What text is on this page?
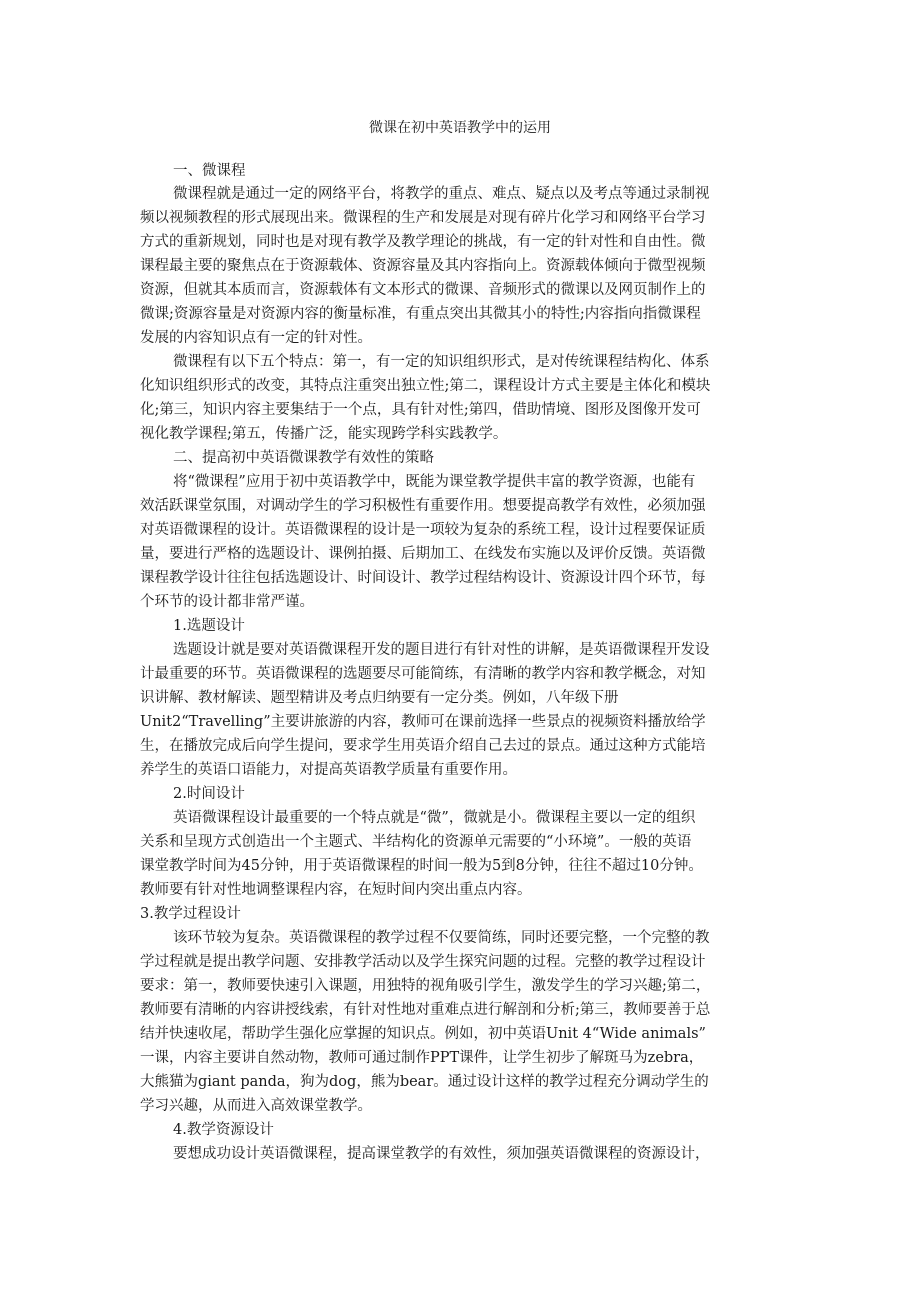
微课在初中英语教学中的运用
一、微课程
微课程就是通过一定的网络平台，将教学的重点、难点、疑点以及考点等通过录制视
频以视频教程的形式展现出来。微课程的生产和发展是对现有碎片化学习和网络平台学习
方式的重新规划，同时也是对现有教学及教学理论的挑战，有一定的针对性和自由性。微
课程最主要的聚焦点在于资源载体、资源容量及其内容指向上。资源载体倾向于微型视频
资源，但就其本质而言，资源载体有文本形式的微课、音频形式的微课以及网页制作上的
微课;资源容量是对资源内容的衡量标准，有重点突出其微其小的特性;内容指向指微课程
发展的内容知识点有一定的针对性。
微课程有以下五个特点：第一，有一定的知识组织形式，是对传统课程结构化、体系
化知识组织形式的改变，其特点注重突出独立性;第二，课程设计方式主要是主体化和模块
化;第三，知识内容主要集结于一个点，具有针对性;第四，借助情境、图形及图像开发可
视化教学课程;第五，传播广泛，能实现跨学科实践教学。
二、提高初中英语微课教学有效性的策略
将“微课程”应用于初中英语教学中，既能为课堂教学提供丰富的教学资源，也能有
效活跃课堂氛围，对调动学生的学习积极性有重要作用。想要提高教学有效性，必须加强
对英语微课程的设计。英语微课程的设计是一项较为复杂的系统工程，设计过程要保证质
量，要进行严格的选题设计、课例拍摄、后期加工、在线发布实施以及评价反馈。英语微
课程教学设计往往包括选题设计、时间设计、教学过程结构设计、资源设计四个环节，每
个环节的设计都非常严谨。
1.选题设计
选题设计就是要对英语微课程开发的题目进行有针对性的讲解，是英语微课程开发设
计最重要的环节。英语微课程的选题要尽可能简练，有清晰的教学内容和教学概念，对知
识讲解、教材解读、题型精讲及考点归纳要有一定分类。例如，八年级下册
Unit2“Travelling”主要讲旅游的内容，教师可在课前选择一些景点的视频资料播放给学
生，在播放完成后向学生提问，要求学生用英语介绍自己去过的景点。通过这种方式能培
养学生的英语口语能力，对提高英语教学质量有重要作用。
2.时间设计
英语微课程设计最重要的一个特点就是“微”，微就是小。微课程主要以一定的组织
关系和呈现方式创造出一个主题式、半结构化的资源单元需要的“小环境”。一般的英语
课堂教学时间为45分钟，用于英语微课程的时间一般为5到8分钟，往往不超过10分钟。
教师要有针对性地调整课程内容，在短时间内突出重点内容。
3.教学过程设计
该环节较为复杂。英语微课程的教学过程不仅要简练，同时还要完整，一个完整的教
学过程就是提出教学问题、安排教学活动以及学生探究问题的过程。完整的教学过程设计
要求：第一，教师要快速引入课题，用独特的视角吸引学生，激发学生的学习兴趣;第二，
教师要有清晰的内容讲授线索，有针对性地对重难点进行解剖和分析;第三，教师要善于总
结并快速收尾，帮助学生强化应掌握的知识点。例如，初中英语Unit 4“Wide animals”
一课，内容主要讲自然动物，教师可通过制作PPT课件，让学生初步了解斑马为zebra，
大熊猫为giant panda，狗为dog，熊为bear。通过设计这样的教学过程充分调动学生的
学习兴趣，从而进入高效课堂教学。
4.教学资源设计
要想成功设计英语微课程，提高课堂教学的有效性，须加强英语微课程的资源设计，
